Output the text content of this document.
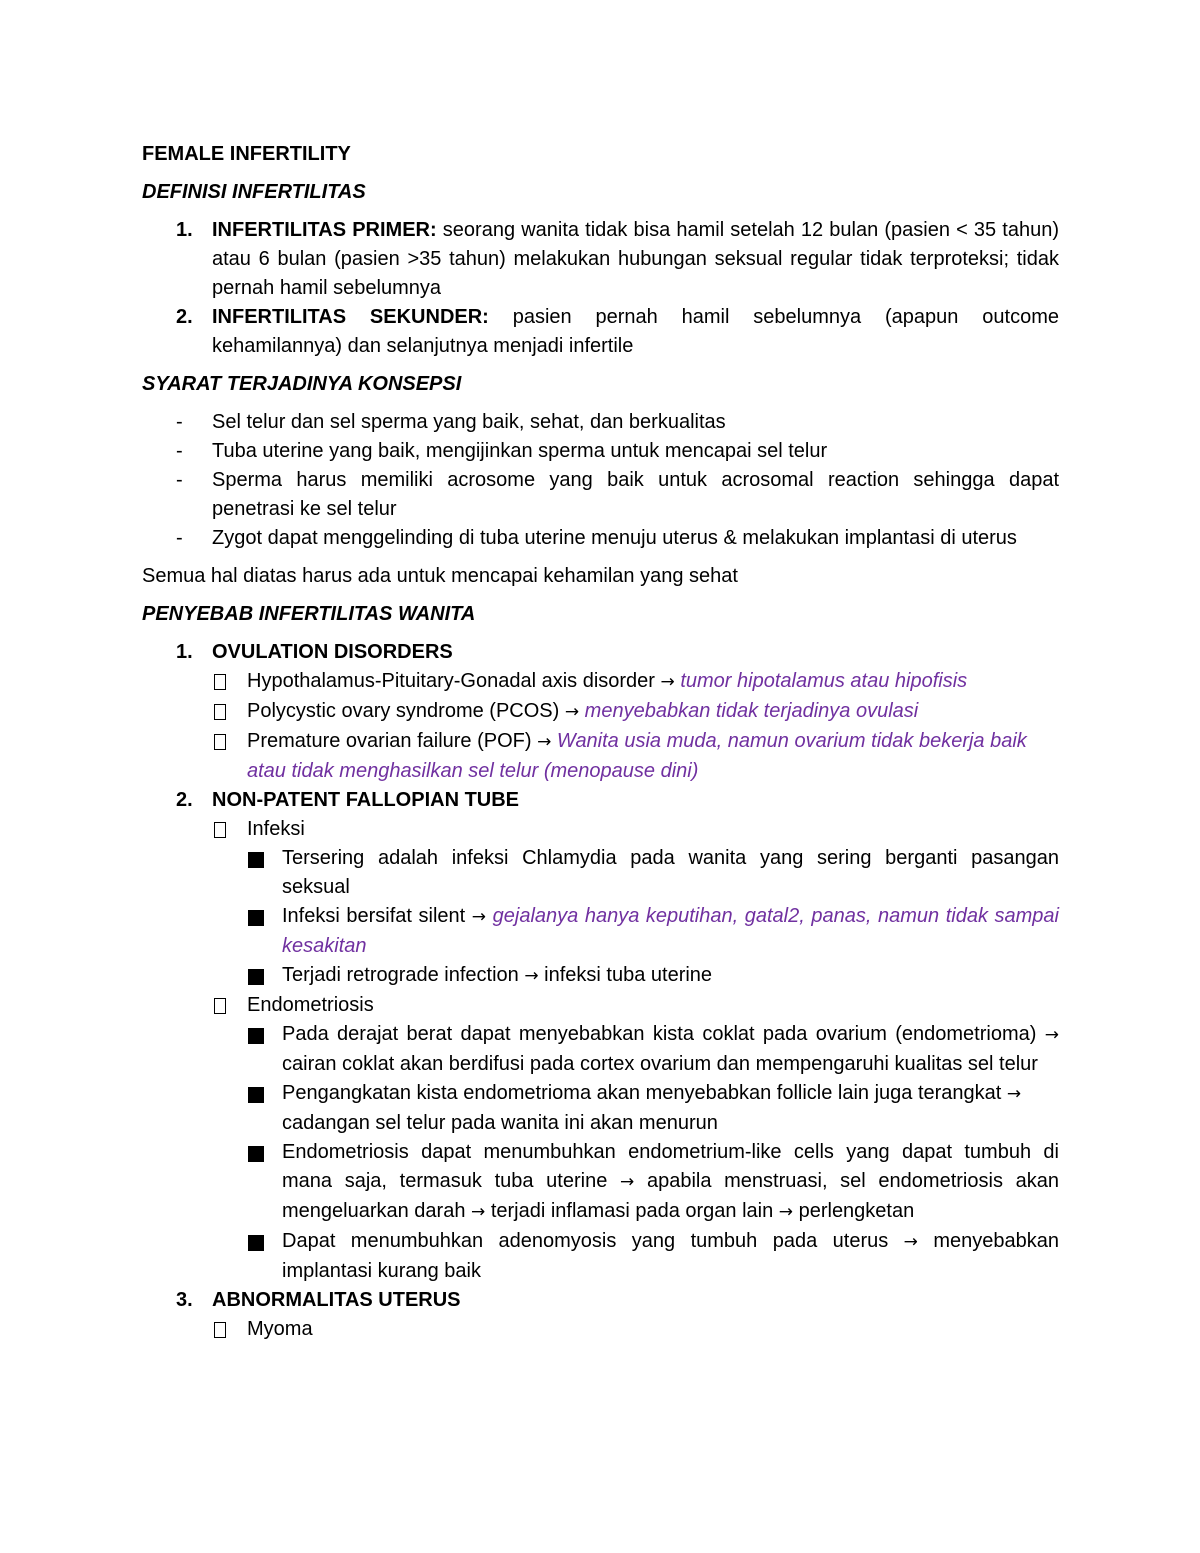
FEMALE INFERTILITY
DEFINISI INFERTILITAS
1. INFERTILITAS PRIMER: seorang wanita tidak bisa hamil setelah 12 bulan (pasien < 35 tahun) atau 6 bulan (pasien >35 tahun) melakukan hubungan seksual regular tidak terproteksi; tidak pernah hamil sebelumnya
2. INFERTILITAS SEKUNDER: pasien pernah hamil sebelumnya (apapun outcome kehamilannya) dan selanjutnya menjadi infertile
SYARAT TERJADINYA KONSEPSI
-	Sel telur dan sel sperma yang baik, sehat, dan berkualitas
-	Tuba uterine yang baik, mengijinkan sperma untuk mencapai sel telur
-	Sperma harus memiliki acrosome yang baik untuk acrosomal reaction sehingga dapat penetrasi ke sel telur
-	Zygot dapat menggelinding di tuba uterine menuju uterus & melakukan implantasi di uterus
Semua hal diatas harus ada untuk mencapai kehamilan yang sehat
PENYEBAB INFERTILITAS WANITA
1. OVULATION DISORDERS
Hypothalamus-Pituitary-Gonadal axis disorder → tumor hipotalamus atau hipofisis
Polycystic ovary syndrome (PCOS) → menyebabkan tidak terjadinya ovulasi
Premature ovarian failure (POF) → Wanita usia muda, namun ovarium tidak bekerja baik atau tidak menghasilkan sel telur (menopause dini)
2. NON-PATENT FALLOPIAN TUBE
Infeksi
Tersering adalah infeksi Chlamydia pada wanita yang sering berganti pasangan seksual
Infeksi bersifat silent → gejalanya hanya keputihan, gatal2, panas, namun tidak sampai kesakitan
Terjadi retrograde infection → infeksi tuba uterine
Endometriosis
Pada derajat berat dapat menyebabkan kista coklat pada ovarium (endometrioma) → cairan coklat akan berdifusi pada cortex ovarium dan mempengaruhi kualitas sel telur
Pengangkatan kista endometrioma akan menyebabkan follicle lain juga terangkat → cadangan sel telur pada wanita ini akan menurun
Endometriosis dapat menumbuhkan endometrium-like cells yang dapat tumbuh di mana saja, termasuk tuba uterine → apabila menstruasi, sel endometriosis akan mengeluarkan darah → terjadi inflamasi pada organ lain → perlengketan
Dapat menumbuhkan adenomyosis yang tumbuh pada uterus → menyebabkan implantasi kurang baik
3. ABNORMALITAS UTERUS
Myoma
